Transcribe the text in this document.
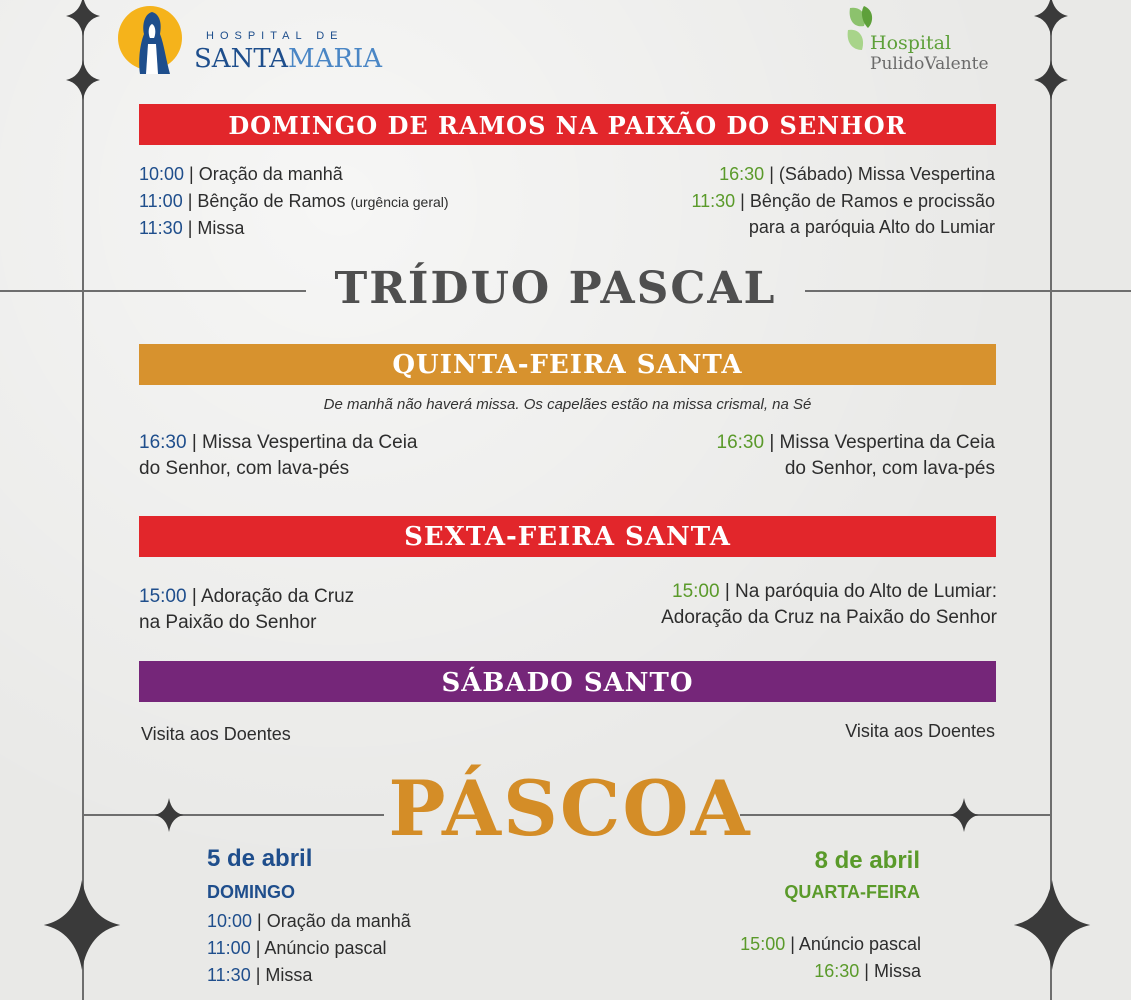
HOSPITAL DE
SANTAMARIA
Hospital
PulidoValente
DOMINGO DE RAMOS NA PAIXÃO DO SENHOR
10:00 | Oração da manhã
11:00 | Bênção de Ramos (urgência geral)
11:30 | Missa
16:30 | (Sábado) Missa Vespertina
11:30 | Bênção de Ramos e procissão
para a paróquia Alto do Lumiar
TRÍDUO PASCAL
QUINTA-FEIRA SANTA
De manhã não haverá missa. Os capelães estão na missa crismal, na Sé
16:30 | Missa Vespertina da Ceia
do Senhor, com lava-pés
16:30 | Missa Vespertina da Ceia
do Senhor, com lava-pés
SEXTA-FEIRA SANTA
15:00 | Adoração da Cruz
na Paixão do Senhor
15:00 | Na paróquia do Alto de Lumiar:
Adoração da Cruz na Paixão do Senhor
SÁBADO SANTO
Visita aos Doentes	Visita aos Doentes
PÁSCOA
5 de abril
DOMINGO
10:00 | Oração da manhã
11:00 | Anúncio pascal
11:30 | Missa
8 de abril
QUARTA-FEIRA
15:00 | Anúncio pascal
16:30 | Missa
